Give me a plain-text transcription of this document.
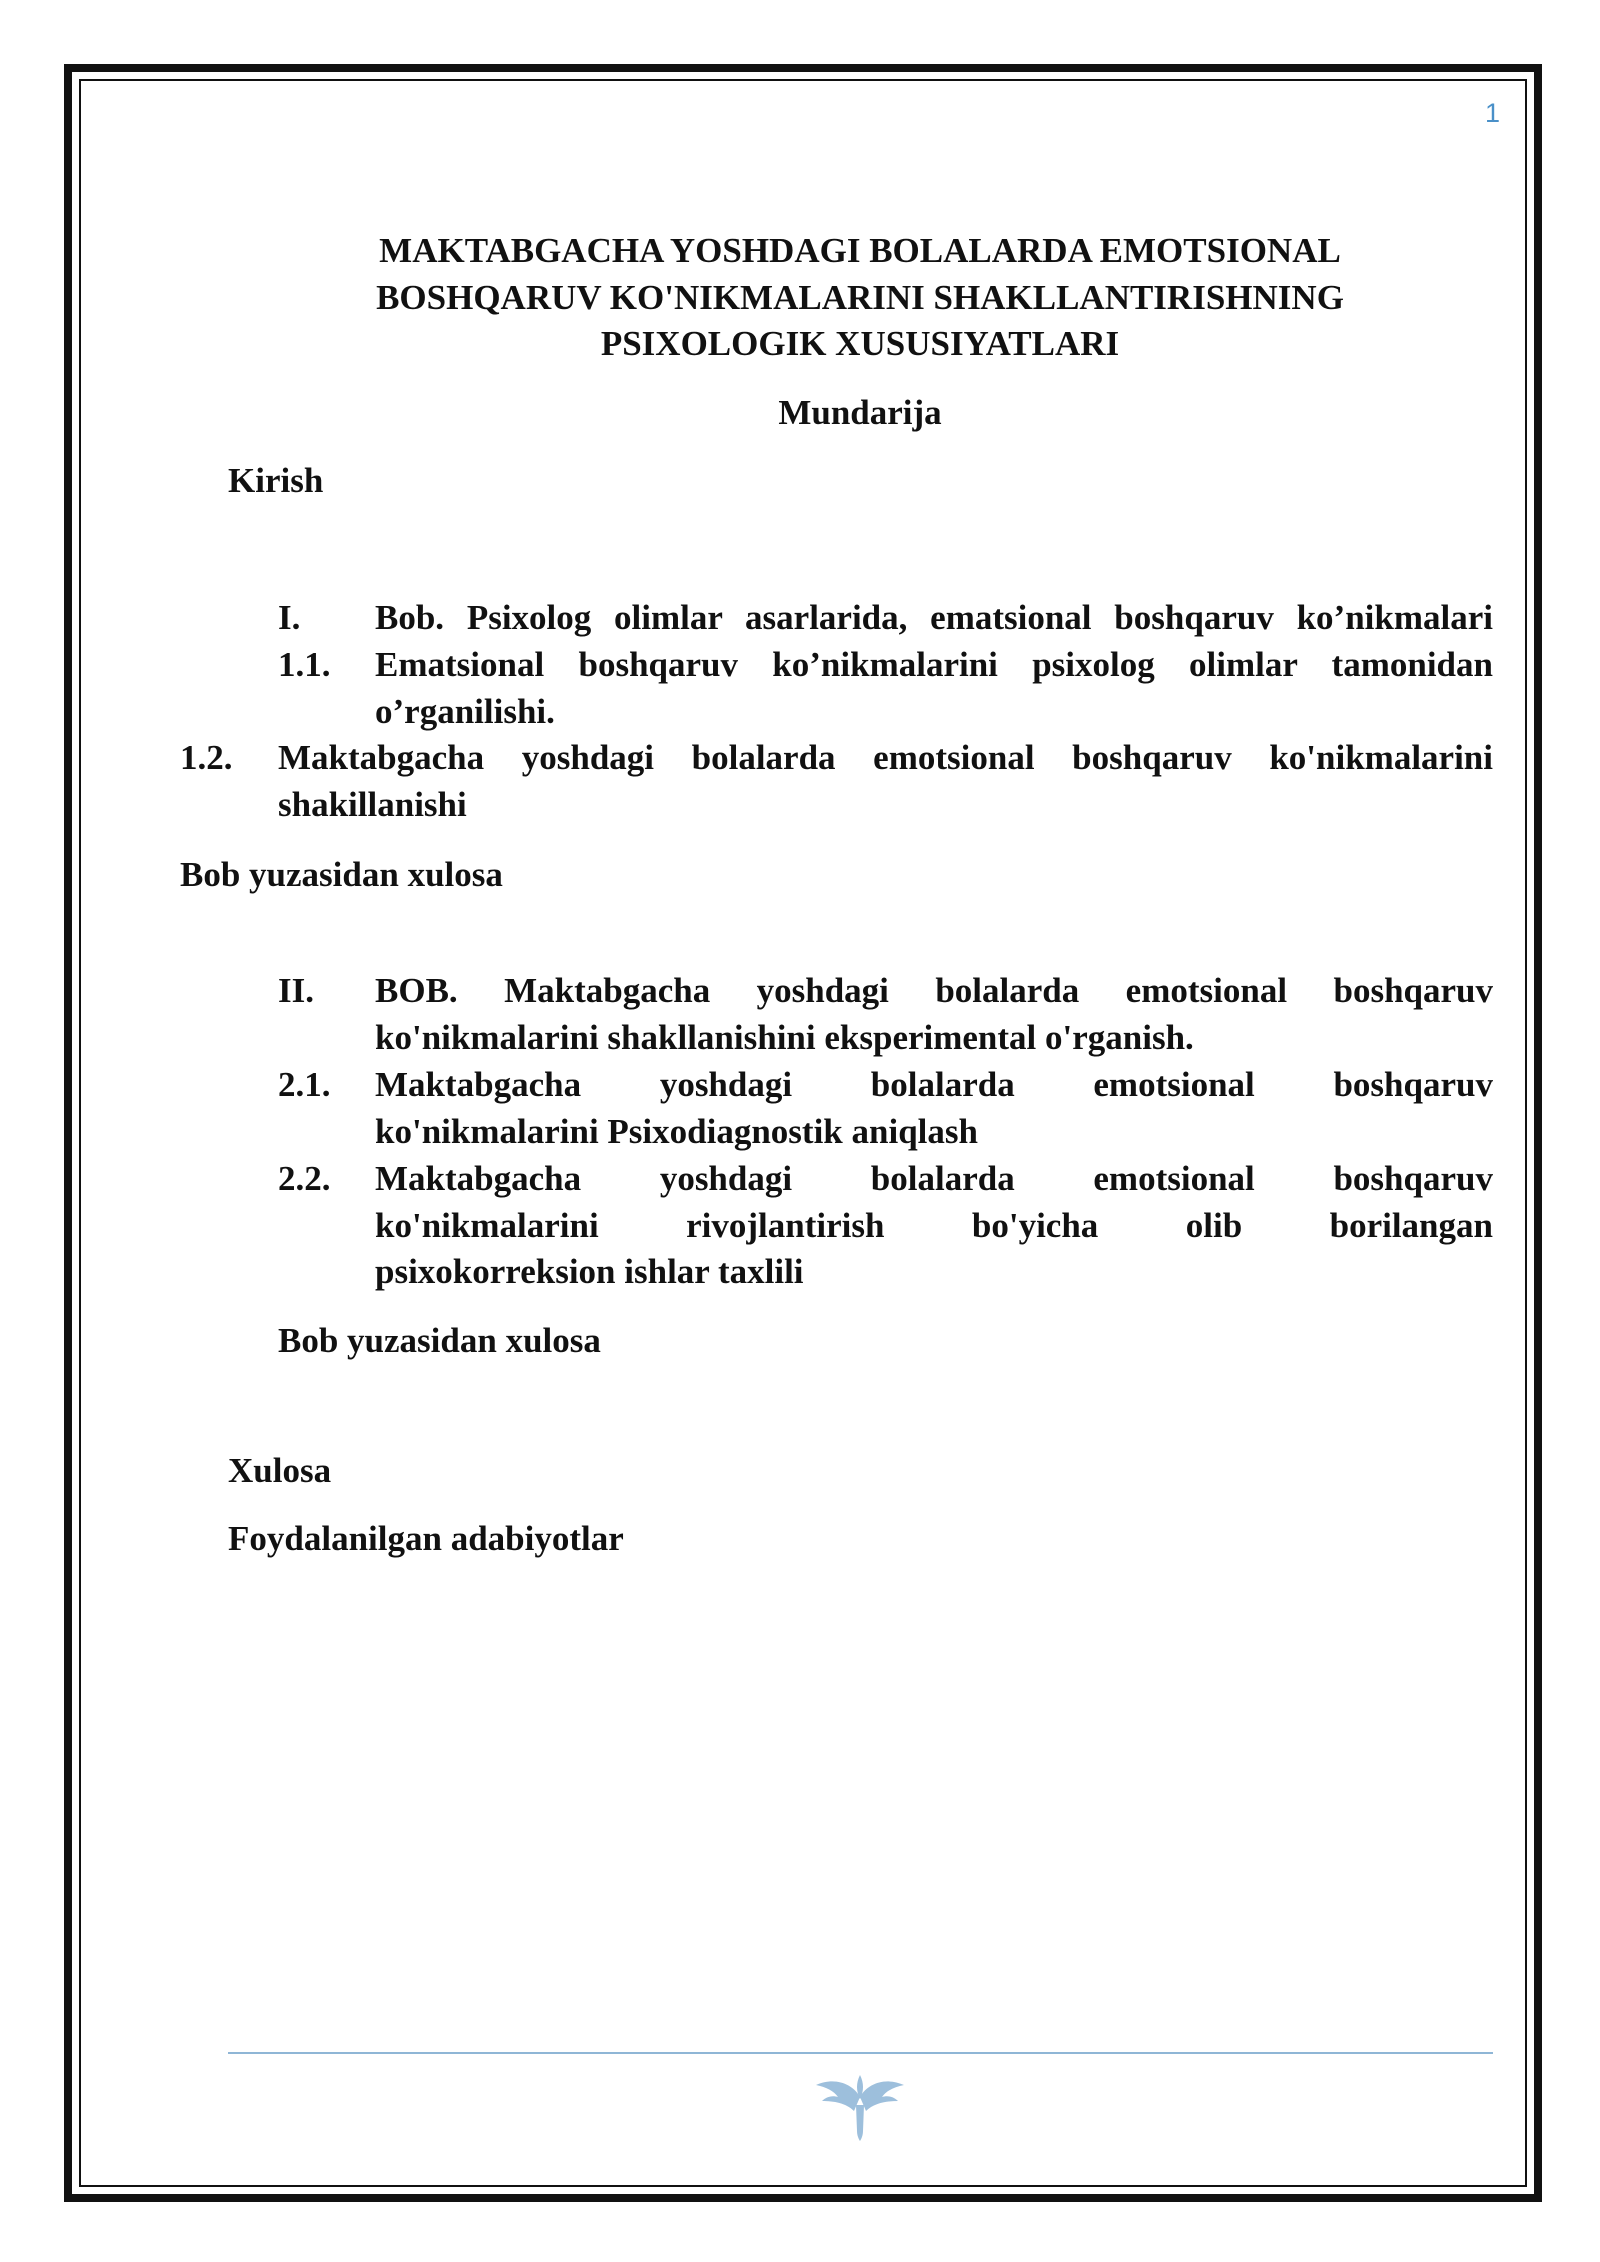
1
MAKTABGACHA YOSHDAGI BOLALARDA EMOTSIONAL
BOSHQARUV KO'NIKMALARINI SHAKLLANTIRISHNING
PSIXOLOGIK XUSUSIYATLARI
Mundarija
Kirish
I. Bob. Psixolog olimlar asarlarida, ematsional boshqaruv ko’nikmalari
1.1. Ematsional boshqaruv ko’nikmalarini psixolog olimlar tamonidan
o’rganilishi.
1.2. Maktabgacha yoshdagi bolalarda emotsional boshqaruv ko'nikmalarini
shakillanishi
Bob yuzasidan xulosa
II. BOB. Maktabgacha yoshdagi bolalarda emotsional boshqaruv
ko'nikmalarini shakllanishini eksperimental o'rganish.
2.1. Maktabgacha yoshdagi bolalarda emotsional boshqaruv
ko'nikmalarini Psixodiagnostik aniqlash
2.2. Maktabgacha yoshdagi bolalarda emotsional boshqaruv
ko'nikmalarini rivojlantirish bo'yicha olib borilangan
psixokorreksion ishlar taxlili
Bob yuzasidan xulosa
Xulosa
Foydalanilgan adabiyotlar
